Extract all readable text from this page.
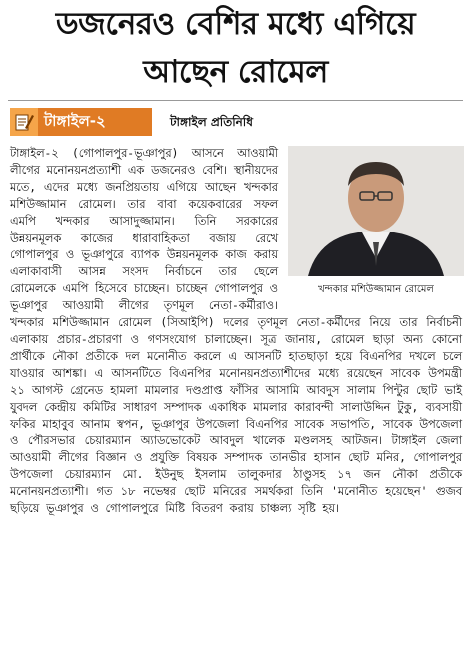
ডজনেরও বেশির মধ্যে এগিয়ে
আছেন রোমেল
টাঙ্গাইল-২	টাঙ্গাইল প্রতিনিধি

টাঙ্গাইল-২ (গোপালপুর-ভূঞাপুর) আসনে আওয়ামী লীগের মনোনয়নপ্রত্যাশী এক ডজনেরও বেশি। স্থানীয়দের মতে, এদের মধ্যে জনপ্রিয়তায় এগিয়ে আছেন খন্দকার মশিউজ্জামান রোমেল। তার বাবা কয়েকবারের সফল এমপি খন্দকার আসাদুজ্জামান। তিনি সরকারের উন্নয়নমূলক কাজের ধারাবাহিকতা বজায় রেখে গোপালপুর ও ভূঞাপুরে ব্যাপক উন্নয়নমূলক কাজ করায় এলাকাবাসী আসন্ন সংসদ নির্বাচনে তার ছেলে রোমেলকে এমপি হিসেবে চাচ্ছেন। চাচ্ছেন গোপালপুর ও ভূঞাপুর আওয়ামী লীগের তৃণমূল নেতা-কর্মীরাও। খন্দকার মশিউজ্জামান রোমেল (সিআইপি) দলের তৃণমূল নেতা-কর্মীদের নিয়ে তার নির্বাচনী এলাকায় প্রচার-প্রচারণা ও গণসংযোগ চালাচ্ছেন। সূত্র জানায়, রোমেল ছাড়া অন্য কোনো প্রার্থীকে নৌকা প্রতীকে দল মনোনীত করলে এ আসনটি হাতছাড়া হয়ে বিএনপির দখলে চলে যাওয়ার আশঙ্কা। এ আসনটিতে বিএনপির মনোনয়নপ্রত্যাশীদের মধ্যে রয়েছেন সাবেক উপমন্ত্রী ২১ আগস্ট গ্রেনেড হামলা মামলার দণ্ডপ্রাপ্ত ফাঁসির আসামি আবদুস সালাম পিন্টুর ছোট ভাই যুবদল কেন্দ্রীয় কমিটির সাধারণ সম্পাদক একাধিক মামলার কারাবন্দী সালাউদ্দিন টুকু, ব্যবসায়ী ফকির মাহাবুব আনাম স্বপন, ভূঞাপুর উপজেলা বিএনপির সাবেক সভাপতি, সাবেক উপজেলা ও পৌরসভার চেয়ারম্যান অ্যাডভোকেট আবদুল খালেক মণ্ডলসহ আটজন। টাঙ্গাইল জেলা আওয়ামী লীগের বিজ্ঞান ও প্রযুক্তি বিষয়ক সম্পাদক তানভীর হাসান ছোট মনির, গোপালপুর উপজেলা চেয়ারম্যান মো. ইউনুছ ইসলাম তালুকদার ঠাণ্ডুসহ ১৭ জন নৌকা প্রতীকে মনোনয়নপ্রত্যাশী। গত ১৮ নভেম্বর ছোট মনিরের সমর্থকরা তিনি 'মনোনীত হয়েছেন' গুজব ছড়িয়ে ভূঞাপুর ও গোপালপুরে মিষ্টি বিতরণ করায় চাঞ্চল্য সৃষ্টি হয়।

খন্দকার মশিউজ্জামান রোমেল
